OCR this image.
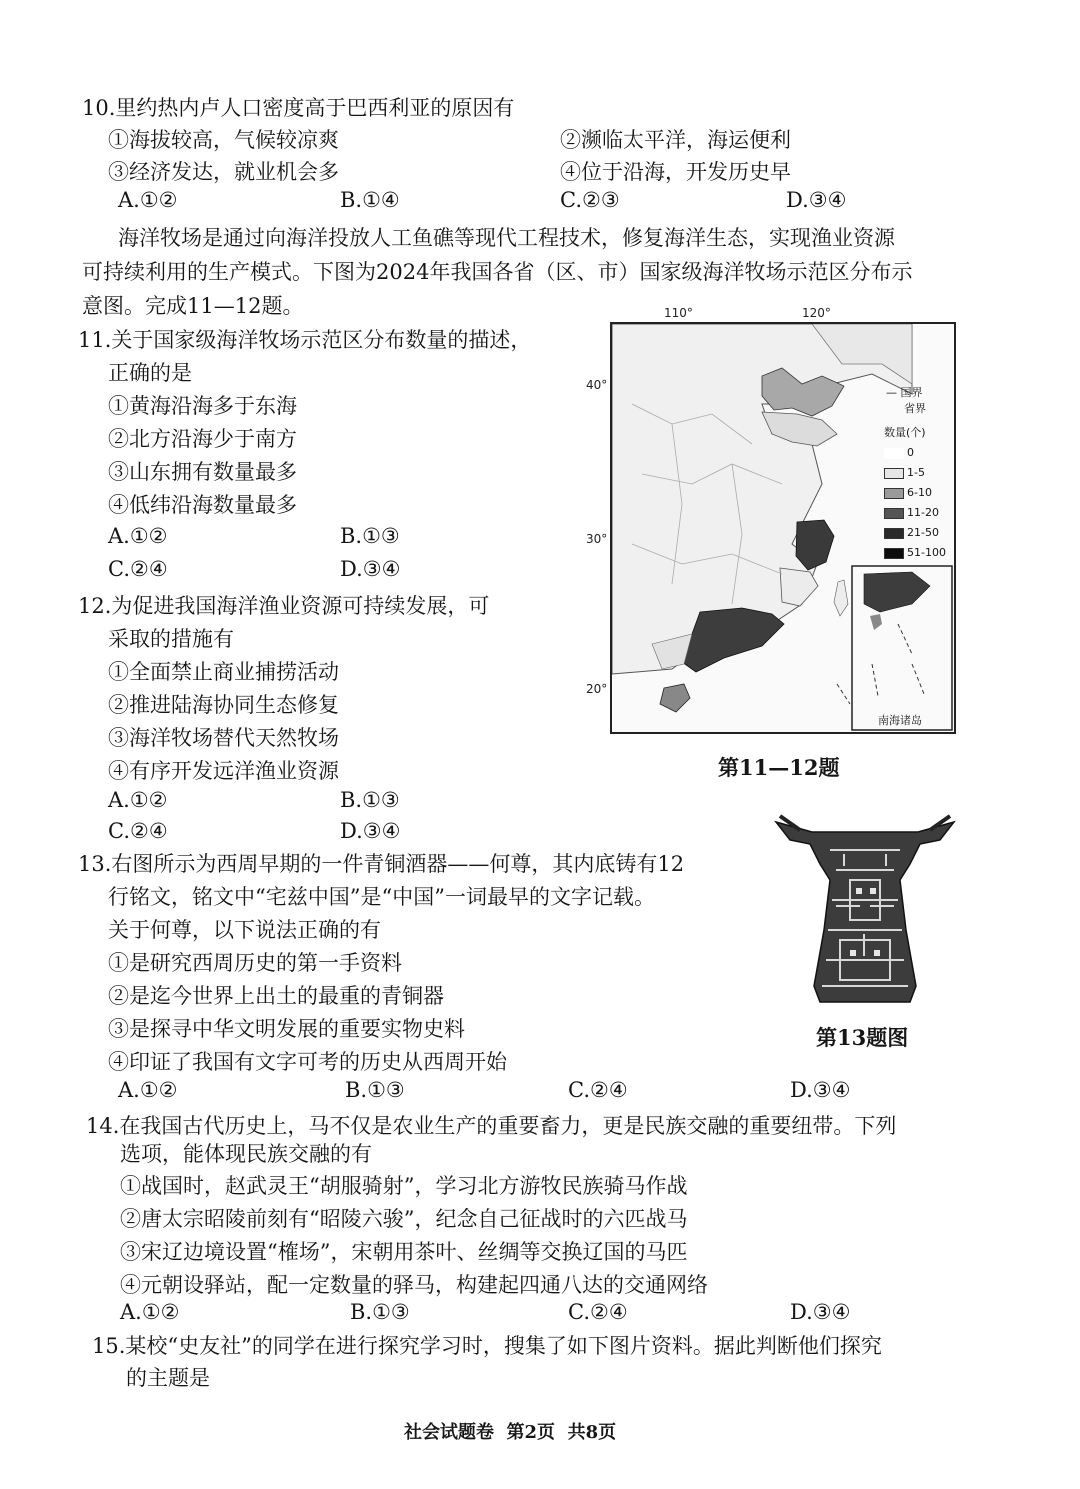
10.里约热内卢人口密度高于巴西利亚的原因有
①海拔较高，气候较凉爽	②濒临太平洋，海运便利
③经济发达，就业机会多	④位于沿海，开发历史早
A.①②	B.①④	C.②③	D.③④
海洋牧场是通过向海洋投放人工鱼礁等现代工程技术，修复海洋生态，实现渔业资源
可持续利用的生产模式。下图为2024年我国各省（区、市）国家级海洋牧场示范区分布示
意图。完成11—12题。
11.关于国家级海洋牧场示范区分布数量的描述，
正确的是
①黄海沿海多于东海
②北方沿海少于南方
③山东拥有数量最多
④低纬沿海数量最多
A.①②	B.①③
C.②④	D.③④
12.为促进我国海洋渔业资源可持续发展，可
采取的措施有
①全面禁止商业捕捞活动
②推进陆海协同生态修复
③海洋牧场替代天然牧场
④有序开发远洋渔业资源
A.①②	B.①③
C.②④	D.③④
110°	120°
40°
30°
20°
— 国界
省界
数量(个)
0
1-5
6-10
11-20
21-50
51-100
南海诸岛
第11—12题
第13题图
13.右图所示为西周早期的一件青铜酒器——何尊，其内底铸有12
行铭文，铭文中“宅兹中国”是“中国”一词最早的文字记载。
关于何尊，以下说法正确的有
①是研究西周历史的第一手资料
②是迄今世界上出土的最重的青铜器
③是探寻中华文明发展的重要实物史料
④印证了我国有文字可考的历史从西周开始
A.①②	B.①③	C.②④	D.③④
14.在我国古代历史上，马不仅是农业生产的重要畜力，更是民族交融的重要纽带。下列
选项，能体现民族交融的有
①战国时，赵武灵王“胡服骑射”，学习北方游牧民族骑马作战
②唐太宗昭陵前刻有“昭陵六骏”，纪念自己征战时的六匹战马
③宋辽边境设置“榷场”，宋朝用茶叶、丝绸等交换辽国的马匹
④元朝设驿站，配一定数量的驿马，构建起四通八达的交通网络
A.①②	B.①③	C.②④	D.③④
15.某校“史友社”的同学在进行探究学习时，搜集了如下图片资料。据此判断他们探究
的主题是
社会试题卷  第2页  共8页
